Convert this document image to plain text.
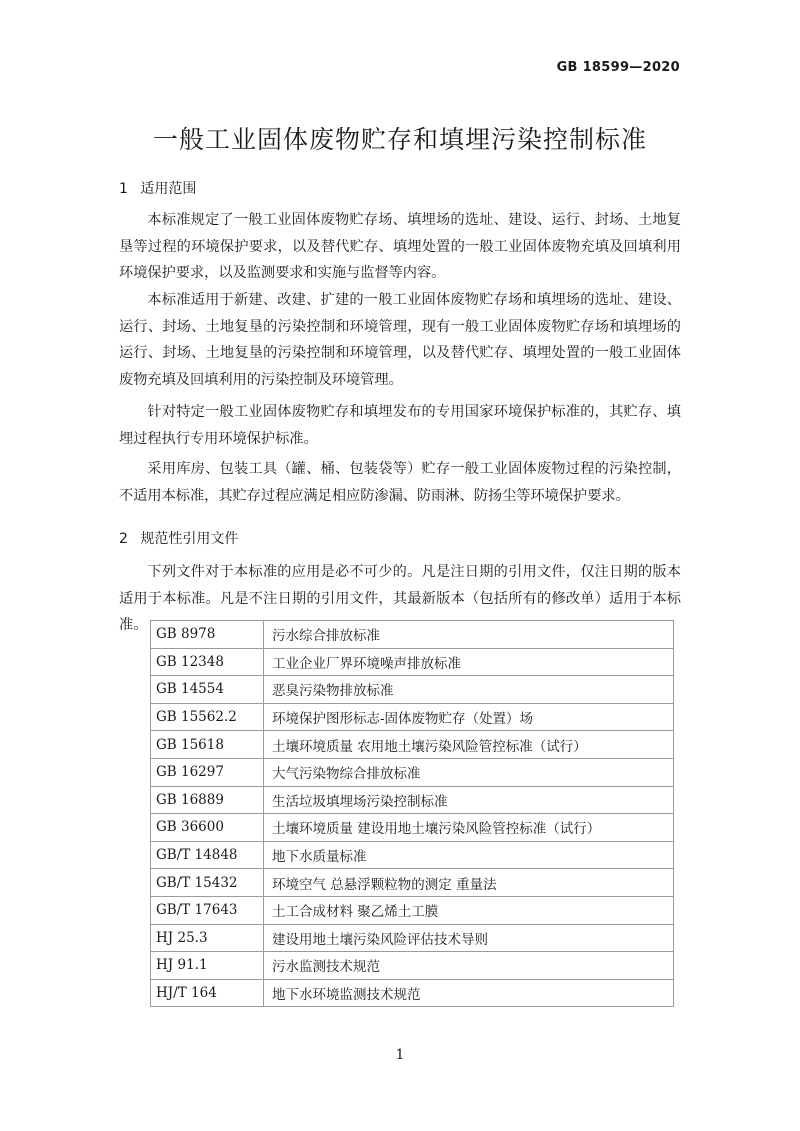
GB 18599—2020
一般工业固体废物贮存和填埋污染控制标准
1 适用范围

本标准规定了一般工业固体废物贮存场、填埋场的选址、建设、运行、封场、土地复垦等过程的环境保护要求，以及替代贮存、填埋处置的一般工业固体废物充填及回填利用环境保护要求，以及监测要求和实施与监督等内容。

本标准适用于新建、改建、扩建的一般工业固体废物贮存场和填埋场的选址、建设、运行、封场、土地复垦的污染控制和环境管理，现有一般工业固体废物贮存场和填埋场的运行、封场、土地复垦的污染控制和环境管理，以及替代贮存、填埋处置的一般工业固体废物充填及回填利用的污染控制及环境管理。

针对特定一般工业固体废物贮存和填埋发布的专用国家环境保护标准的，其贮存、填埋过程执行专用环境保护标准。

采用库房、包装工具（罐、桶、包装袋等）贮存一般工业固体废物过程的污染控制，不适用本标准，其贮存过程应满足相应防渗漏、防雨淋、防扬尘等环境保护要求。

2 规范性引用文件

下列文件对于本标准的应用是必不可少的。凡是注日期的引用文件，仅注日期的版本适用于本标准。凡是不注日期的引用文件，其最新版本（包括所有的修改单）适用于本标准。

GB 8978	污水综合排放标准
GB 12348	工业企业厂界环境噪声排放标准
GB 14554	恶臭污染物排放标准
GB 15562.2	环境保护图形标志-固体废物贮存（处置）场
GB 15618	土壤环境质量 农用地土壤污染风险管控标准（试行）
GB 16297	大气污染物综合排放标准
GB 16889	生活垃圾填埋场污染控制标准
GB 36600	土壤环境质量 建设用地土壤污染风险管控标准（试行）
GB/T 14848	地下水质量标准
GB/T 15432	环境空气 总悬浮颗粒物的测定 重量法
GB/T 17643	土工合成材料 聚乙烯土工膜
HJ 25.3	建设用地土壤污染风险评估技术导则
HJ 91.1	污水监测技术规范
HJ/T 164	地下水环境监测技术规范
1
